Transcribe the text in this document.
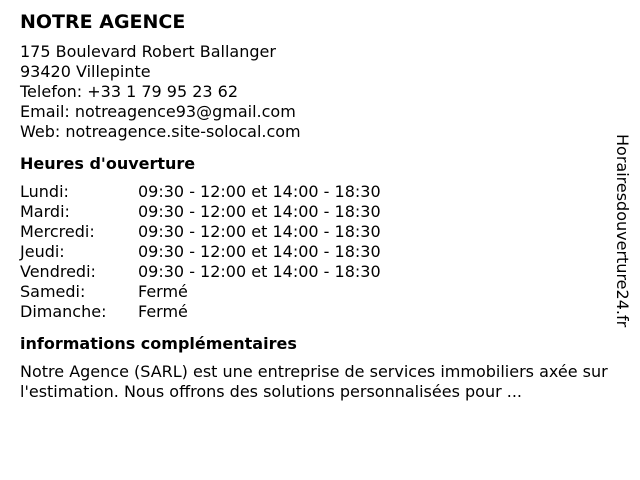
NOTRE AGENCE
175 Boulevard Robert Ballanger
93420 Villepinte
Telefon: +33 1 79 95 23 62
Email: notreagence93@gmail.com
Web: notreagence.site-solocal.com
Heures d'ouverture
Lundi:	09:30 - 12:00 et 14:00 - 18:30
Mardi:	09:30 - 12:00 et 14:00 - 18:30
Mercredi:	09:30 - 12:00 et 14:00 - 18:30
Jeudi:	09:30 - 12:00 et 14:00 - 18:30
Vendredi:	09:30 - 12:00 et 14:00 - 18:30
Samedi:	Fermé
Dimanche:	Fermé
informations complémentaires
Notre Agence (SARL) est une entreprise de services immobiliers axée sur l'estimation. Nous offrons des solutions personnalisées pour ...
Horairesdouverture24.fr
